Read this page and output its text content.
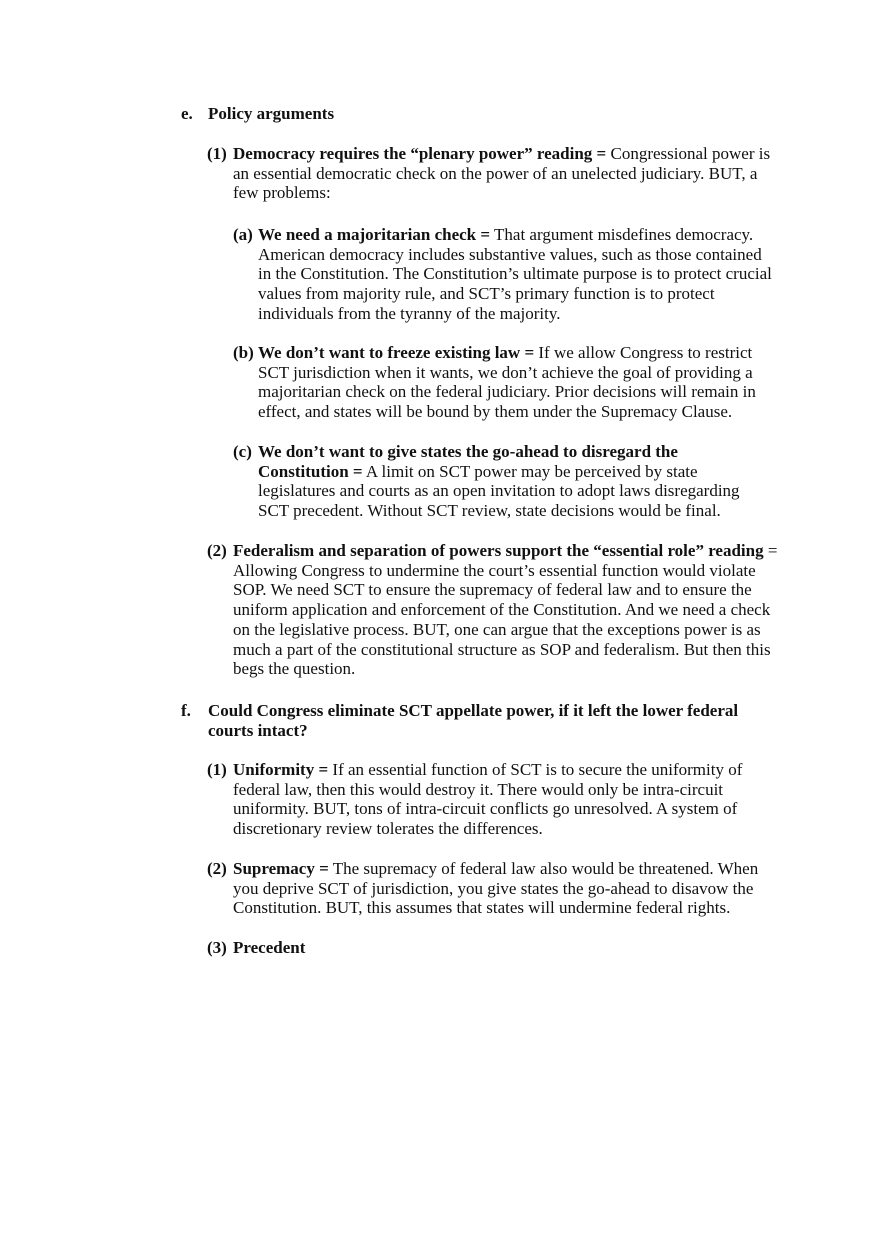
e. Policy arguments
(1) Democracy requires the “plenary power” reading = Congressional power is an essential democratic check on the power of an unelected judiciary. BUT, a few problems:
(a) We need a majoritarian check = That argument misdefines democracy. American democracy includes substantive values, such as those contained in the Constitution. The Constitution’s ultimate purpose is to protect crucial values from majority rule, and SCT’s primary function is to protect individuals from the tyranny of the majority.
(b) We don’t want to freeze existing law = If we allow Congress to restrict SCT jurisdiction when it wants, we don’t achieve the goal of providing a majoritarian check on the federal judiciary. Prior decisions will remain in effect, and states will be bound by them under the Supremacy Clause.
(c) We don’t want to give states the go-ahead to disregard the Constitution = A limit on SCT power may be perceived by state legislatures and courts as an open invitation to adopt laws disregarding SCT precedent. Without SCT review, state decisions would be final.
(2) Federalism and separation of powers support the “essential role” reading = Allowing Congress to undermine the court’s essential function would violate SOP. We need SCT to ensure the supremacy of federal law and to ensure the uniform application and enforcement of the Constitution. And we need a check on the legislative process. BUT, one can argue that the exceptions power is as much a part of the constitutional structure as SOP and federalism. But then this begs the question.
f. Could Congress eliminate SCT appellate power, if it left the lower federal courts intact?
(1) Uniformity = If an essential function of SCT is to secure the uniformity of federal law, then this would destroy it. There would only be intra-circuit uniformity. BUT, tons of intra-circuit conflicts go unresolved. A system of discretionary review tolerates the differences.
(2) Supremacy = The supremacy of federal law also would be threatened. When you deprive SCT of jurisdiction, you give states the go-ahead to disavow the Constitution. BUT, this assumes that states will undermine federal rights.
(3) Precedent
